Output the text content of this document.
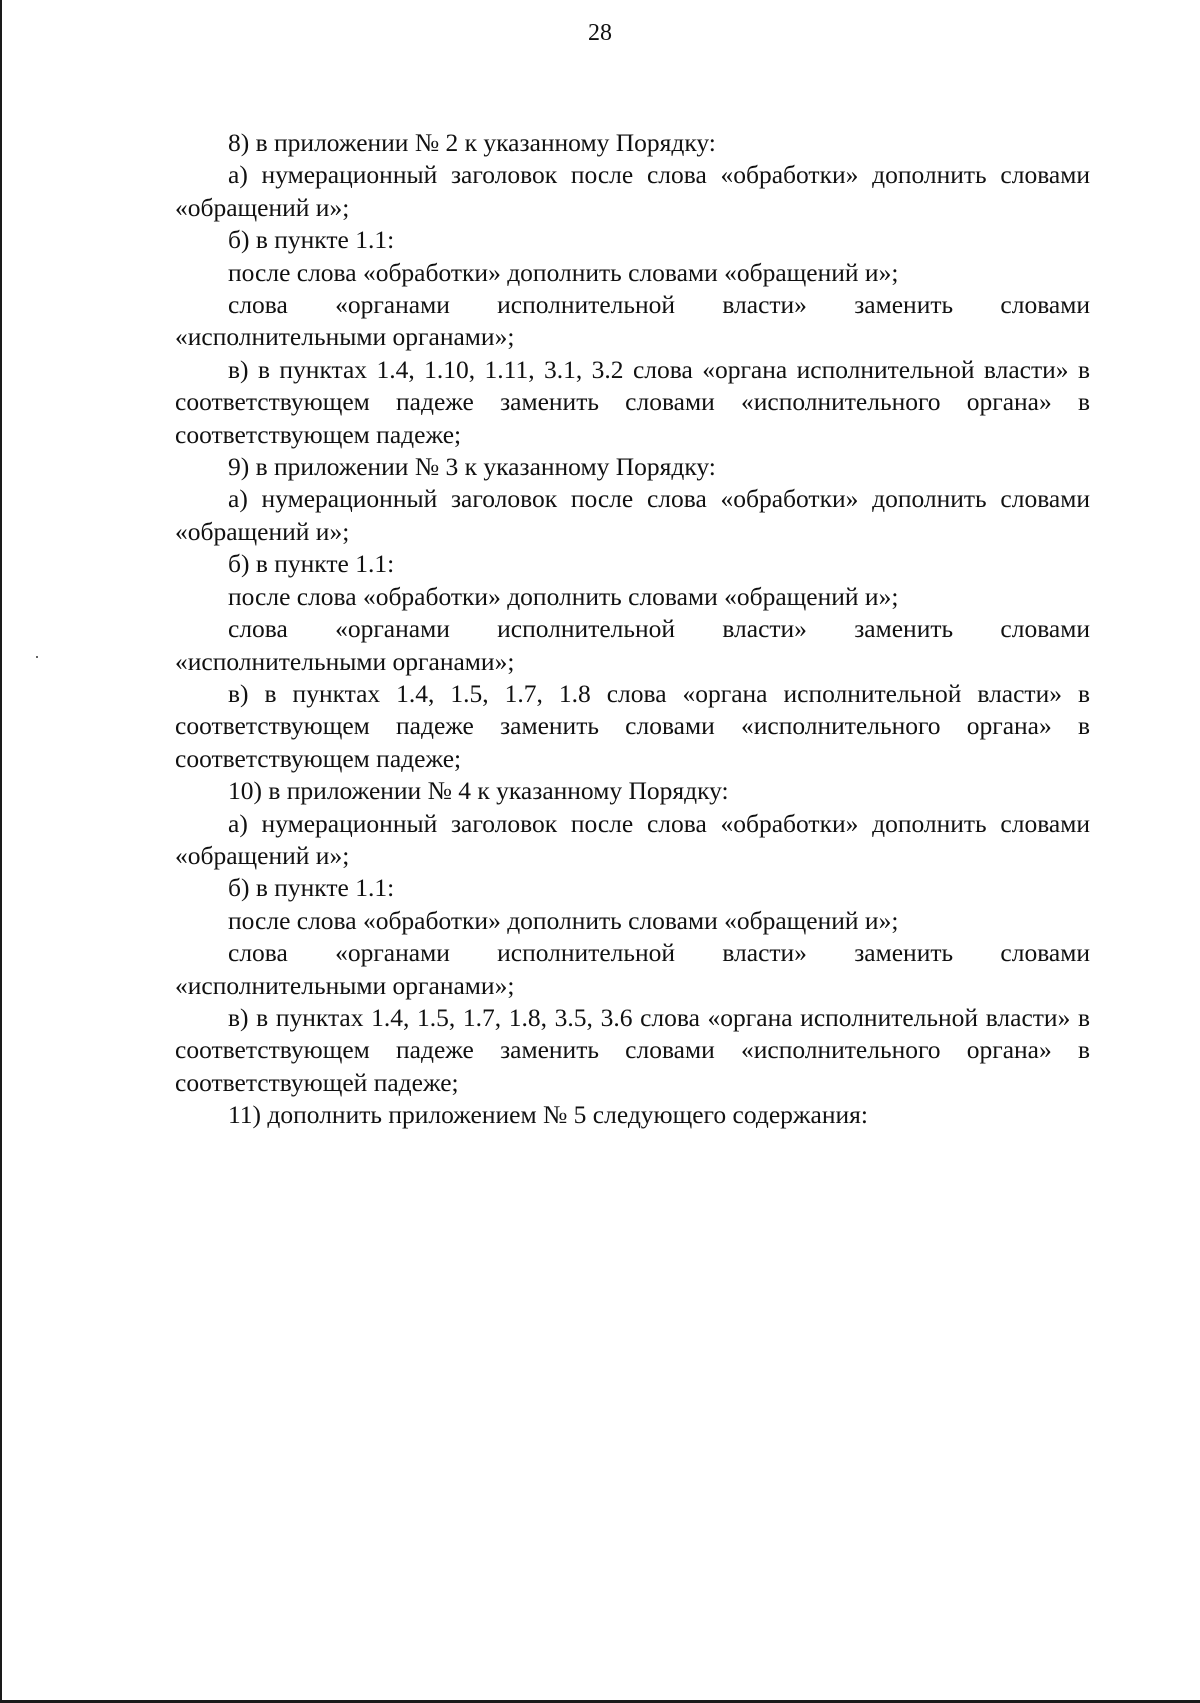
28

8) в приложении № 2 к указанному Порядку:

а) нумерационный заголовок после слова «обработки» дополнить словами «обращений и»;

б) в пункте 1.1:

после слова «обработки» дополнить словами «обращений и»;

слова «органами исполнительной власти» заменить словами «исполнительными органами»;

в) в пунктах 1.4, 1.10, 1.11, 3.1, 3.2 слова «органа исполнительной власти» в соответствующем падеже заменить словами «исполнительного органа» в соответствующем падеже;

9) в приложении № 3 к указанному Порядку:

а) нумерационный заголовок после слова «обработки» дополнить словами «обращений и»;

б) в пункте 1.1:

после слова «обработки» дополнить словами «обращений и»;

слова «органами исполнительной власти» заменить словами «исполнительными органами»;

в) в пунктах 1.4, 1.5, 1.7, 1.8 слова «органа исполнительной власти» в соответствующем падеже заменить словами «исполнительного органа» в соответствующем падеже;

10) в приложении № 4 к указанному Порядку:

а) нумерационный заголовок после слова «обработки» дополнить словами «обращений и»;

б) в пункте 1.1:

после слова «обработки» дополнить словами «обращений и»;

слова «органами исполнительной власти» заменить словами «исполнительными органами»;

в) в пунктах 1.4, 1.5, 1.7, 1.8, 3.5, 3.6 слова «органа исполнительной власти» в соответствующем падеже заменить словами «исполнительного органа» в соответствующей падеже;

11) дополнить приложением № 5 следующего содержания:
